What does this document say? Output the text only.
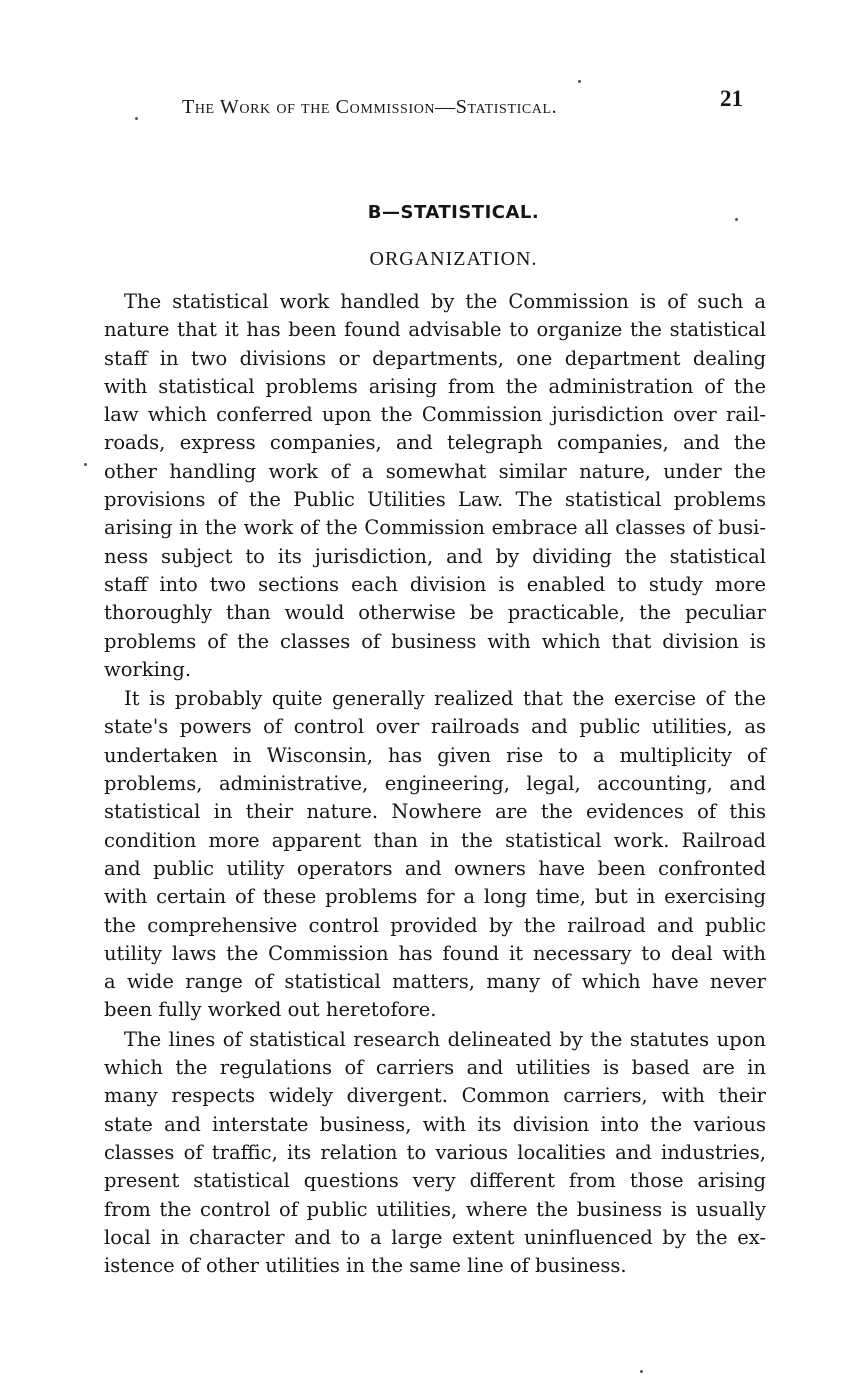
The Work of the Commission—Statistical.	21
B—STATISTICAL.
ORGANIZATION.
The statistical work handled by the Commission is of such a
nature that it has been found advisable to organize the statistical
staff in two divisions or departments, one department dealing
with statistical problems arising from the administration of the
law which conferred upon the Commission jurisdiction over rail-
roads, express companies, and telegraph companies, and the
other handling work of a somewhat similar nature, under the
provisions of the Public Utilities Law. The statistical problems
arising in the work of the Commission embrace all classes of busi-
ness subject to its jurisdiction, and by dividing the statistical
staff into two sections each division is enabled to study more
thoroughly than would otherwise be practicable, the peculiar
problems of the classes of business with which that division is
working.
It is probably quite generally realized that the exercise of the
state's powers of control over railroads and public utilities, as
undertaken in Wisconsin, has given rise to a multiplicity of
problems, administrative, engineering, legal, accounting, and
statistical in their nature. Nowhere are the evidences of this
condition more apparent than in the statistical work. Railroad
and public utility operators and owners have been confronted
with certain of these problems for a long time, but in exercising
the comprehensive control provided by the railroad and public
utility laws the Commission has found it necessary to deal with
a wide range of statistical matters, many of which have never
been fully worked out heretofore.
The lines of statistical research delineated by the statutes upon
which the regulations of carriers and utilities is based are in
many respects widely divergent. Common carriers, with their
state and interstate business, with its division into the various
classes of traffic, its relation to various localities and industries,
present statistical questions very different from those arising
from the control of public utilities, where the business is usually
local in character and to a large extent uninfluenced by the ex-
istence of other utilities in the same line of business.
